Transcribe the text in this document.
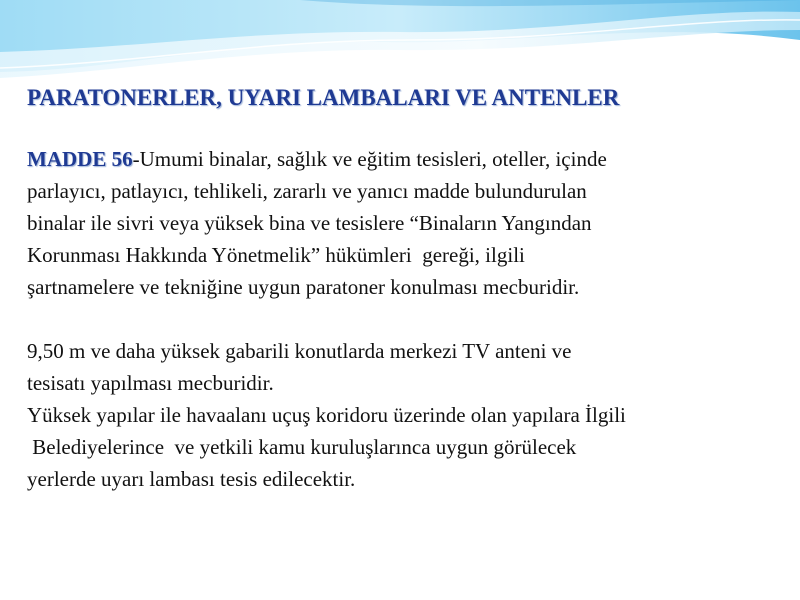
PARATONERLER, UYARI LAMBALARI VE ANTENLER
MADDE 56-Umumi binalar, sağlık ve eğitim tesisleri, oteller, içinde
parlayıcı, patlayıcı, tehlikeli, zararlı ve yanıcı madde bulundurulan
binalar ile sivri veya yüksek bina ve tesislere “Binaların Yangından
Korunması Hakkında Yönetmelik” hükümleri  gereği, ilgili
şartnamelere ve tekniğine uygun paratoner konulması mecburidir.
9,50 m ve daha yüksek gabarili konutlarda merkezi TV anteni ve
tesisatı yapılması mecburidir.
Yüksek yapılar ile havaalanı uçuş koridoru üzerinde olan yapılara İlgili
Belediyelerince  ve yetkili kamu kuruluşlarınca uygun görülecek
yerlerde uyarı lambası tesis edilecektir.
